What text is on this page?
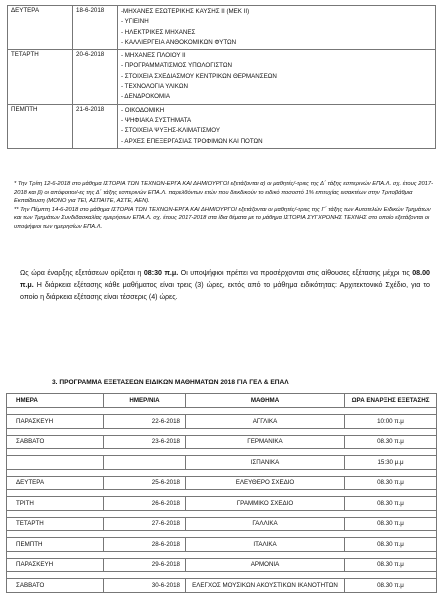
ΔΕΥΤΕΡΑ	18-6-2018	-ΜΗΧΑΝΕΣ ΕΣΩΤΕΡΙΚΗΣ ΚΑΥΣΗΣ ΙΙ (ΜΕΚ ΙΙ)
- ΥΓΙΕΙΝΗ
- ΗΛΕΚΤΡΙΚΕΣ ΜΗΧΑΝΕΣ
- ΚΑΛΛΙΕΡΓΕΙΑ ΑΝΘΟΚΟΜΙΚΩΝ ΦΥΤΩΝ

ΤΕΤΑΡΤΗ	20-6-2018	- ΜΗΧΑΝΕΣ ΠΛΟΙΟΥ ΙΙ
- ΠΡΟΓΡΑΜΜΑΤΙΣΜΟΣ ΥΠΟΛΟΓΙΣΤΩΝ
- ΣΤΟΙΧΕΙΑ ΣΧΕΔΙΑΣΜΟΥ ΚΕΝΤΡΙΚΩΝ ΘΕΡΜΑΝΣΕΩΝ
- ΤΕΧΝΟΛΟΓΙΑ ΥΛΙΚΩΝ
- ΔΕΝΔΡΟΚΟΜΙΑ

ΠΕΜΠΤΗ	21-6-2018	- ΟΙΚΟΔΟΜΙΚΗ
- ΨΗΦΙΑΚΑ ΣΥΣΤΗΜΑΤΑ
- ΣΤΟΙΧΕΙΑ ΨΥΞΗΣ-ΚΛΙΜΑΤΙΣΜΟΥ
- ΑΡΧΕΣ ΕΠΕΞΕΡΓΑΣΙΑΣ ΤΡΟΦΙΜΩΝ ΚΑΙ ΠΟΤΩΝ

* Την Τρίτη 12-6-2018 στο μάθημα ΙΣΤΟΡΙΑ ΤΩΝ ΤΕΧΝΩΝ-ΕΡΓΑ ΚΑΙ ΔΗΜΙΟΥΡΓΟΙ εξετάζονται α) οι μαθητές/-τριες της Δ΄ τάξης εσπερινών ΕΠΑ.Λ. σχ. έτους 2017-2018 και β) οι απόφοιτοι/-ες της Δ΄ τάξης εσπερινών ΕΠΑ.Λ. παρελθόντων ετών που διεκδικούν το ειδικό ποσοστό 1% επιτυχίας εισακτέων στην Τριτοβάθμια Εκπαίδευση (ΜΟΝΟ για ΤΕΙ, ΑΣΠΑΙΤΕ, ΑΣΤΕ, ΑΕΝ).

** Την Πέμπτη 14-6-2018 στο μάθημα ΙΣΤΟΡΙΑ ΤΩΝ ΤΕΧΝΩΝ-ΕΡΓΑ ΚΑΙ ΔΗΜΙΟΥΡΓΟΙ εξετάζονται οι μαθητές/-τριες της Γ΄ τάξης των Αυτοτελών Ειδικών Τμημάτων και των Τμημάτων Συνδιδασκαλίας ημερήσιων ΕΠΑ.Λ. σχ. έτους 2017-2018 στα ίδια θέματα με το μάθημα ΙΣΤΟΡΙΑ ΣΥΓΧΡΟΝΗΣ ΤΕΧΝΗΣ στο οποίο εξετάζονται οι υποψήφιοι των ημερησίων ΕΠΑ.Λ.

Ως ώρα έναρξης εξετάσεων ορίζεται η 08:30 π.μ. Οι υποψήφιοι πρέπει να προσέρχονται στις αίθουσες εξέτασης μέχρι τις 08.00 π.μ. Η διάρκεια εξέτασης κάθε μαθήματος είναι τρεις (3) ώρες, εκτός από το μάθημα ειδικότητας: Αρχιτεκτονικό Σχέδιο, για το οποίο η διάρκεια εξέτασης είναι τέσσερις (4) ώρες.

3. ΠΡΟΓΡΑΜΜΑ ΕΞΕΤΑΣΕΩΝ ΕΙΔΙΚΩΝ ΜΑΘΗΜΑΤΩΝ 2018 ΓΙΑ ΓΕΛ & ΕΠΑΛ
ΗΜΕΡΑ	ΗΜΕΡ/ΝΙΑ	ΜΑΘΗΜΑ	ΩΡΑ ΕΝΑΡΞΗΣ ΕΞΕΤΑΣΗΣ

ΠΑΡΑΣΚΕΥΗ	22-6-2018	ΑΓΓΛΙΚΑ	10:00 π.μ

ΣΑΒΒΑΤΟ	23-6-2018	ΓΕΡΜΑΝΙΚΑ	08.30 π.μ

		ΙΣΠΑΝΙΚΑ	15:30 μ.μ

ΔΕΥΤΕΡΑ	25-6-2018	ΕΛΕΥΘΕΡΟ ΣΧΕΔΙΟ	08.30 π.μ

ΤΡΙΤΗ	26-6-2018	ΓΡΑΜΜΙΚΟ ΣΧΕΔΙΟ	08.30 π.μ

ΤΕΤΑΡΤΗ	27-6-2018	ΓΑΛΛΙΚΑ	08.30 π.μ

ΠΕΜΠΤΗ	28-6-2018	ΙΤΑΛΙΚΑ	08.30 π.μ

ΠΑΡΑΣΚΕΥΗ	29-6-2018	ΑΡΜΟΝΙΑ	08.30 π.μ

ΣΑΒΒΑΤΟ	30-6-2018	ΕΛΕΓΧΟΣ ΜΟΥΣΙΚΩΝ ΑΚΟΥΣΤΙΚΩΝ ΙΚΑΝΟΤΗΤΩΝ	08.30 π.μ
